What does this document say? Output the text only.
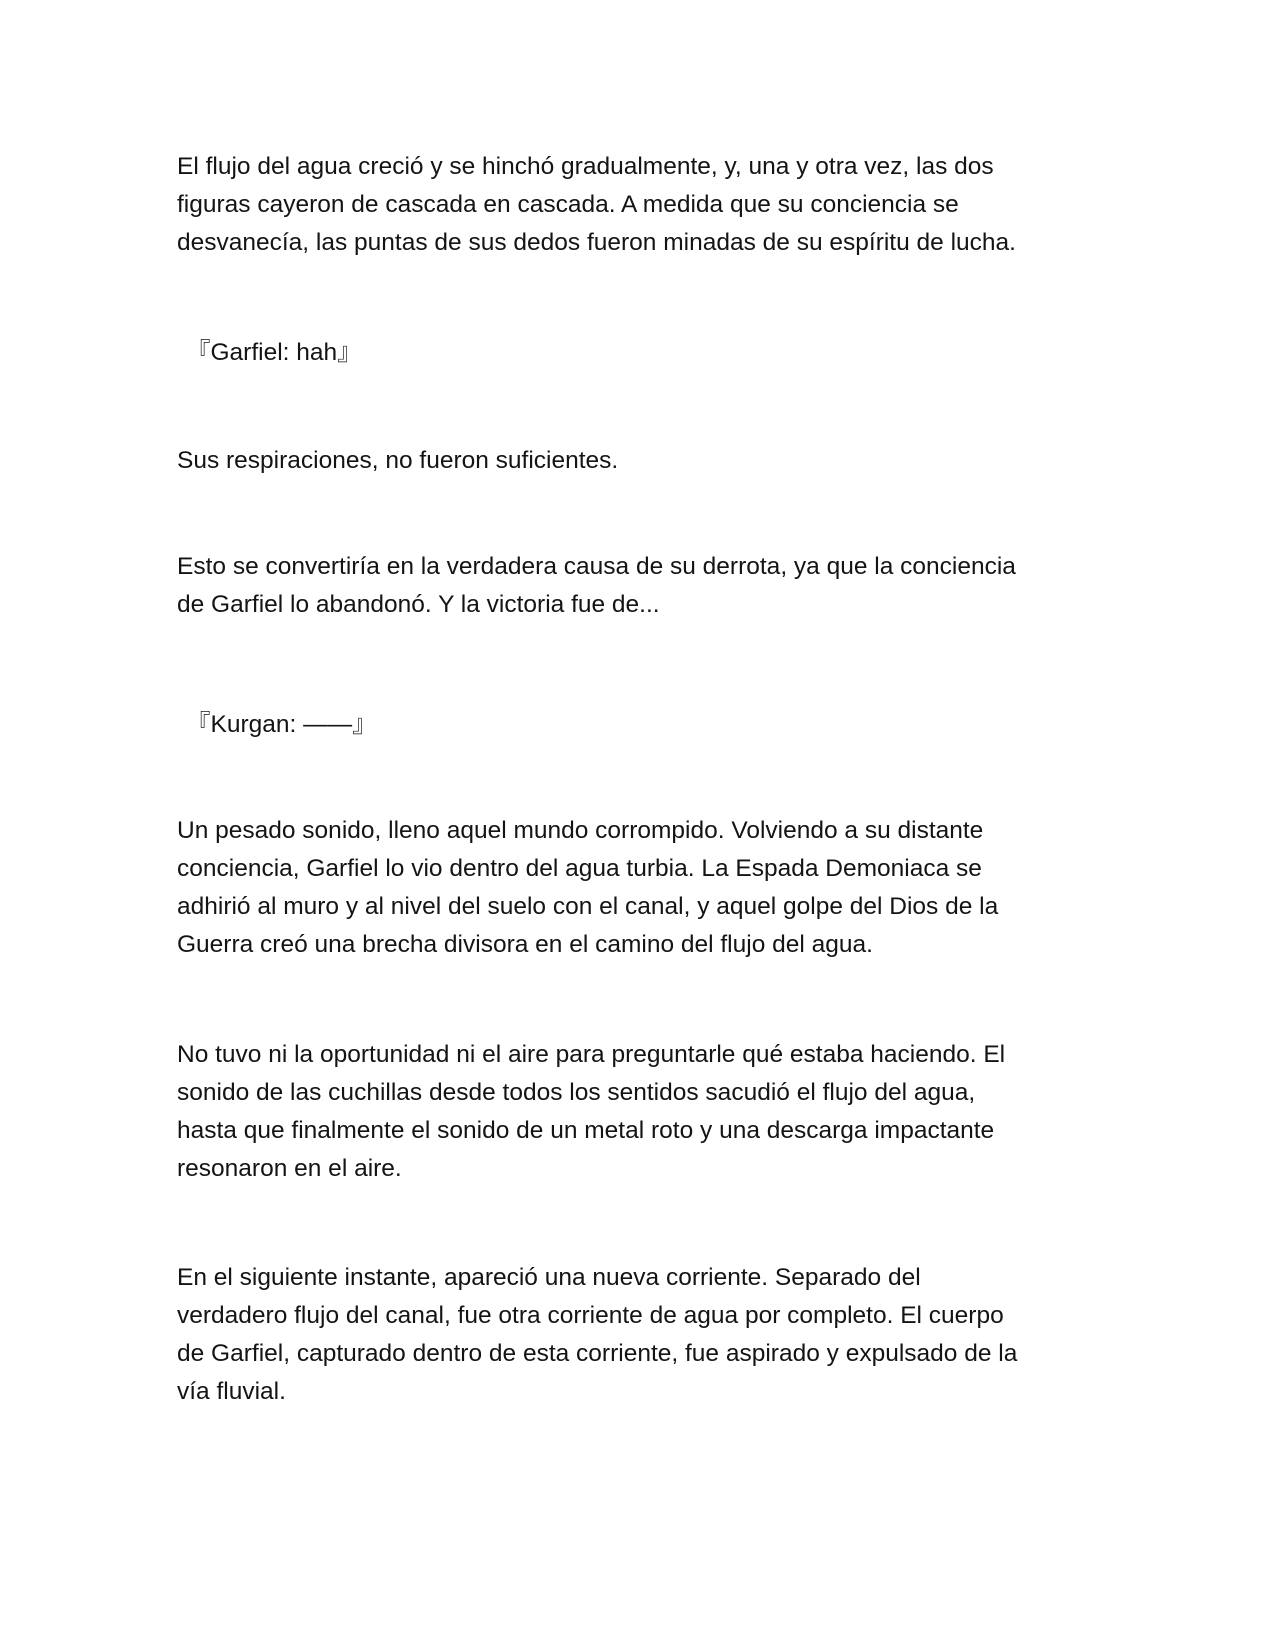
El flujo del agua creció y se hinchó gradualmente, y, una y otra vez, las dos
figuras cayeron de cascada en cascada. A medida que su conciencia se
desvanecía, las puntas de sus dedos fueron minadas de su espíritu de lucha.

『Garfiel: hah』

Sus respiraciones, no fueron suficientes.

Esto se convertiría en la verdadera causa de su derrota, ya que la conciencia
de Garfiel lo abandonó. Y la victoria fue de...

『Kurgan: ——』

Un pesado sonido, lleno aquel mundo corrompido. Volviendo a su distante
conciencia, Garfiel lo vio dentro del agua turbia. La Espada Demoniaca se
adhirió al muro y al nivel del suelo con el canal, y aquel golpe del Dios de la
Guerra creó una brecha divisora en el camino del flujo del agua.

No tuvo ni la oportunidad ni el aire para preguntarle qué estaba haciendo. El
sonido de las cuchillas desde todos los sentidos sacudió el flujo del agua,
hasta que finalmente el sonido de un metal roto y una descarga impactante
resonaron en el aire.

En el siguiente instante, apareció una nueva corriente. Separado del
verdadero flujo del canal, fue otra corriente de agua por completo. El cuerpo
de Garfiel, capturado dentro de esta corriente, fue aspirado y expulsado de la
vía fluvial.
